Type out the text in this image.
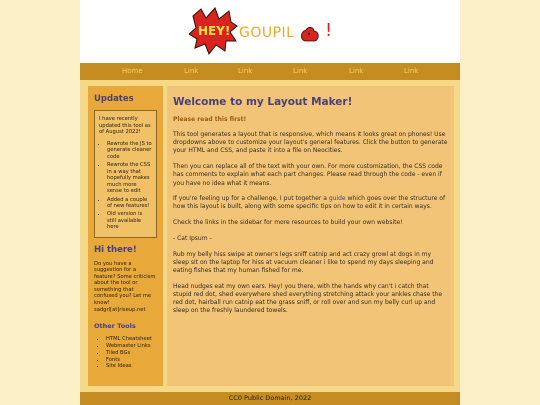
HEY! GOUPIL !
Home	Link	Link	Link	Link	Link
Updates

I have recently updated this tool as of August 2022!

• Rewrote the JS to generate cleaner code
• Rewrote the CSS in a way that hopefully makes much more sense to edit
• Added a couple of new features!
• Old version is still available here
Hi there!
Do you have a suggestion for a feature? Some criticism about the tool or something that confused you? Let me know! sadgrl[at]riseup.net
Other Tools
• HTML Cheatsheet
• Webmaster Links
• Tiled BGs
• Fonts
• Site Ideas
Welcome to my Layout Maker!
Please read this first!

This tool generates a layout that is responsive, which means it looks great on phones! Use dropdowns above to customize your layout's general features. Click the button to generate your HTML and CSS, and paste it into a file on Neocities.

Then you can replace all of the text with your own. For more customization, the CSS code has comments to explain what each part changes. Please read through the code - even if you have no idea what it means.

If you're feeling up for a challenge, I put together a guide which goes over the structure of how this layout is built, along with some specific tips on how to edit it in certain ways.

Check the links in the sidebar for more resources to build your own website!

- Cat Ipsum -

Rub my belly hiss swipe at owner's legs sniff catnip and act crazy growl at dogs in my sleep sit on the laptop for hiss at vacuum cleaner i like to spend my days sleeping and eating fishes that my human fished for me.

Head nudges eat my own ears. Hey! you there, with the hands why can't i catch that stupid red dot, shed everywhere shed everything stretching attack your ankles chase the red dot, hairball run catnip eat the grass sniff, or roll over and sun my belly curl up and sleep on the freshly laundered towels.

CC0 Public Domain, 2022
